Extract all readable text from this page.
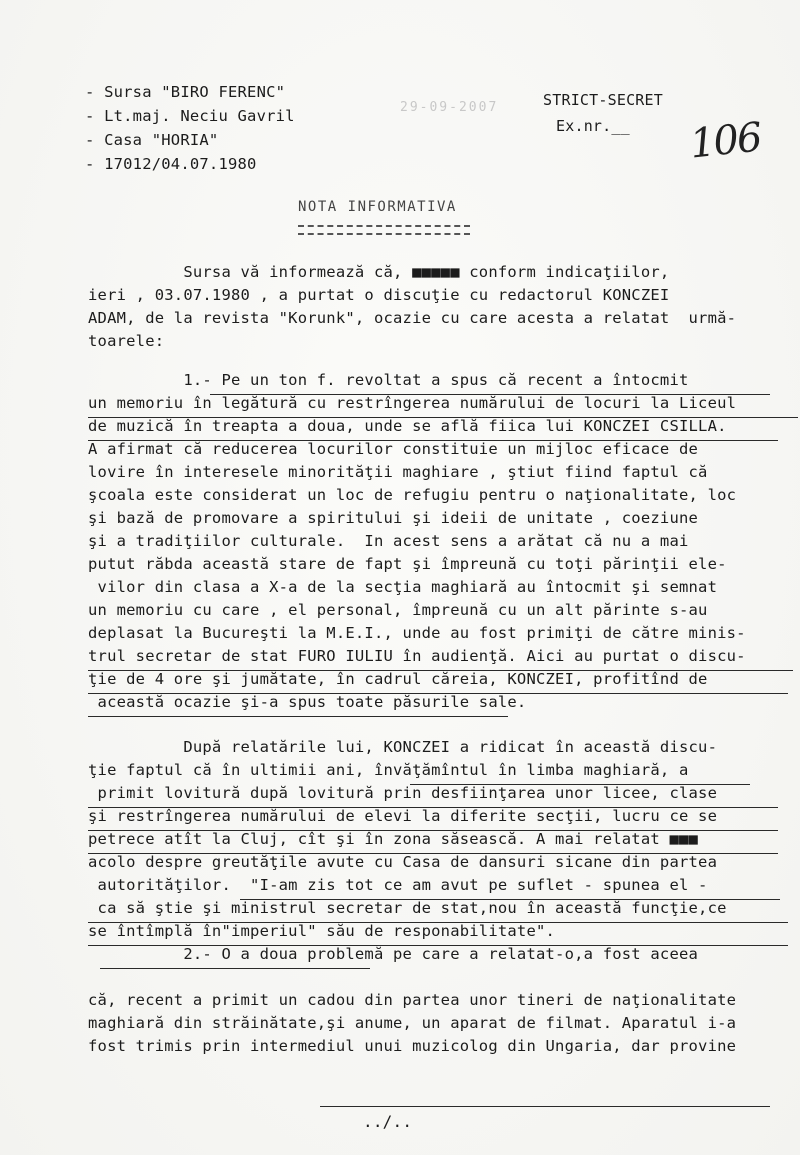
- Sursa "BIRO FERENC"
- Lt.maj. Neciu Gavril
- Casa "HORIA"
- 17012/04.07.1980
29-09-2007	STRICT-SECRET
Ex.nr.__ 106
NOTA INFORMATIVA
Sursa vă informează că, ■■■■■ conform indicaţiilor,
ieri , 03.07.1980 , a purtat o discuţie cu redactorul KONCZEI
ADAM, de la revista "Korunk", ocazie cu care acesta a relatat  urmă-
toarele:
1.- Pe un ton f. revoltat a spus că recent a întocmit
un memoriu în legătură cu restrîngerea numărului de locuri la Liceul
de muzică în treapta a doua, unde se află fiica lui KONCZEI CSILLA.
A afirmat că reducerea locurilor constituie un mijloc eficace de
lovire în interesele minorităţii maghiare , ştiut fiind faptul că
şcoala este considerat un loc de refugiu pentru o naţionalitate, loc
şi bază de promovare a spiritului şi ideii de unitate , coeziune
şi a tradiţiilor culturale.  In acest sens a arătat că nu a mai
putut răbda această stare de fapt şi împreună cu toţi părinţii ele-
vilor din clasa a X-a de la secţia maghiară au întocmit şi semnat
un memoriu cu care , el personal, împreună cu un alt părinte s-au
deplasat la Bucureşti la M.E.I., unde au fost primiţi de către minis-
trul secretar de stat FURO IULIU în audienţă. Aici au purtat o discu-
ţie de 4 ore şi jumătate, în cadrul căreia, KONCZEI, profitînd de
această ocazie şi-a spus toate păsurile sale.
După relatările lui, KONCZEI a ridicat în această discu-
ţie faptul că în ultimii ani, învăţămîntul în limba maghiară, a
primit lovitură după lovitură prin desfiinţarea unor licee, clase
şi restrîngerea numărului de elevi la diferite secţii, lucru ce se
petrece atît la Cluj, cît şi în zona săsească. A mai relatat ■■■
acolo despre greutăţile avute cu Casa de dansuri sicane din partea
autorităţilor.  "I-am zis tot ce am avut pe suflet - spunea el -
ca să ştie şi ministrul secretar de stat,nou în această funcţie,ce
se întîmplă în"imperiul" său de responabilitate".
2.- O a doua problemă pe care a relatat-o,a fost aceea
că, recent a primit un cadou din partea unor tineri de naţionalitate
maghiară din străinătate,şi anume, un aparat de filmat. Aparatul i-a
fost trimis prin intermediul unui muzicolog din Ungaria, dar provine
../..
